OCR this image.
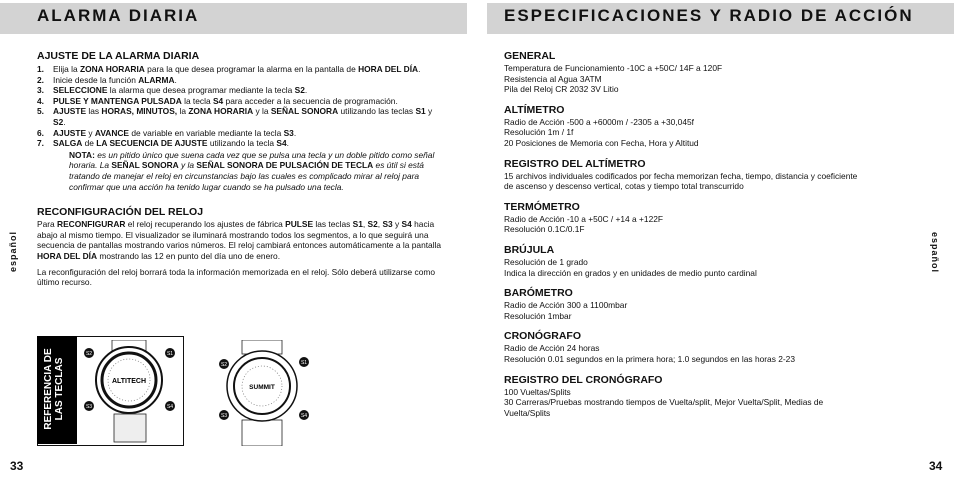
ALARMA DIARIA	ESPECIFICACIONES Y RADIO DE ACCIÓN
AJUSTE DE LA ALARMA DIARIA
1. Elija la ZONA HORARIA para la que desea programar la alarma en la pantalla de HORA DEL DÍA.
2. Inicie desde la función ALARMA.
3. SELECCIONE la alarma que desea programar mediante la tecla S2.
4. PULSE Y MANTENGA PULSADA la tecla S4 para acceder a la secuencia de programación.
5. AJUSTE las HORAS, MINUTOS, la ZONA HORARIA y la SEÑAL SONORA utilizando las teclas S1 y S2.
6. AJUSTE y AVANCE de variable en variable mediante la tecla S3.
7. SALGA de LA SECUENCIA DE AJUSTE utilizando la tecla S4.

NOTA: es un pitido único que suena cada vez que se pulsa una tecla y un doble pitido como señal horaria. La SEÑAL SONORA y la SEÑAL SONORA DE PULSACIÓN DE TECLA es útil si está tratando de manejar el reloj en circunstancias bajo las cuales es complicado mirar al reloj para confirmar que una acción ha tenido lugar cuando se ha pulsado una tecla.

RECONFIGURACIÓN DEL RELOJ

Para RECONFIGURAR el reloj recuperando los ajustes de fábrica PULSE las teclas S1, S2, S3 y S4 hacia abajo al mismo tiempo. El visualizador se iluminará mostrando todos los segmentos, a lo que seguirá una secuencia de pantallas mostrando varios números. El reloj cambiará entonces automáticamente a la pantalla HORA DEL DÍA mostrando las 12 en punto del día uno de enero.

La reconfiguración del reloj borrará toda la información memorizada en el reloj. Sólo deberá utilizarse como último recurso.

REFERENCIA DE LAS TECLAS	ALTITECH
S2	S1
S3	S4
SUMMIT
S2	S1
S3	S4
GENERAL
Temperatura de Funcionamiento -10C a +50C/ 14F a 120F
Resistencia al Agua 3ATM
Pila del Reloj CR 2032 3V Litio
ALTÍMETRO
Radio de Acción -500 a +6000m / -2305 a +30,045f
Resolución 1m / 1f
20 Posiciones de Memoria con Fecha, Hora y Altitud
REGISTRO DEL ALTÍMETRO
15 archivos individuales codificados por fecha memorizan fecha, tiempo, distancia y coeficiente de ascenso y descenso vertical, cotas y tiempo total transcurrido
TERMÓMETRO
Radio de Acción -10 a +50C / +14 a +122F
Resolución 0.1C/0.1F
BRÚJULA
Resolución de 1 grado
Indica la dirección en grados y en unidades de medio punto cardinal
BARÓMETRO
Radio de Acción 300 a 1100mbar
Resolución 1mbar
CRONÓGRAFO
Radio de Acción 24 horas
Resolución 0.01 segundos en la primera hora; 1.0 segundos en las horas 2-23
REGISTRO DEL CRONÓGRAFO
100 Vueltas/Splits
30 Carreras/Pruebas mostrando tiempos de Vuelta/split, Mejor Vuelta/Split, Medias de Vuelta/Splits
español	español
33	34
